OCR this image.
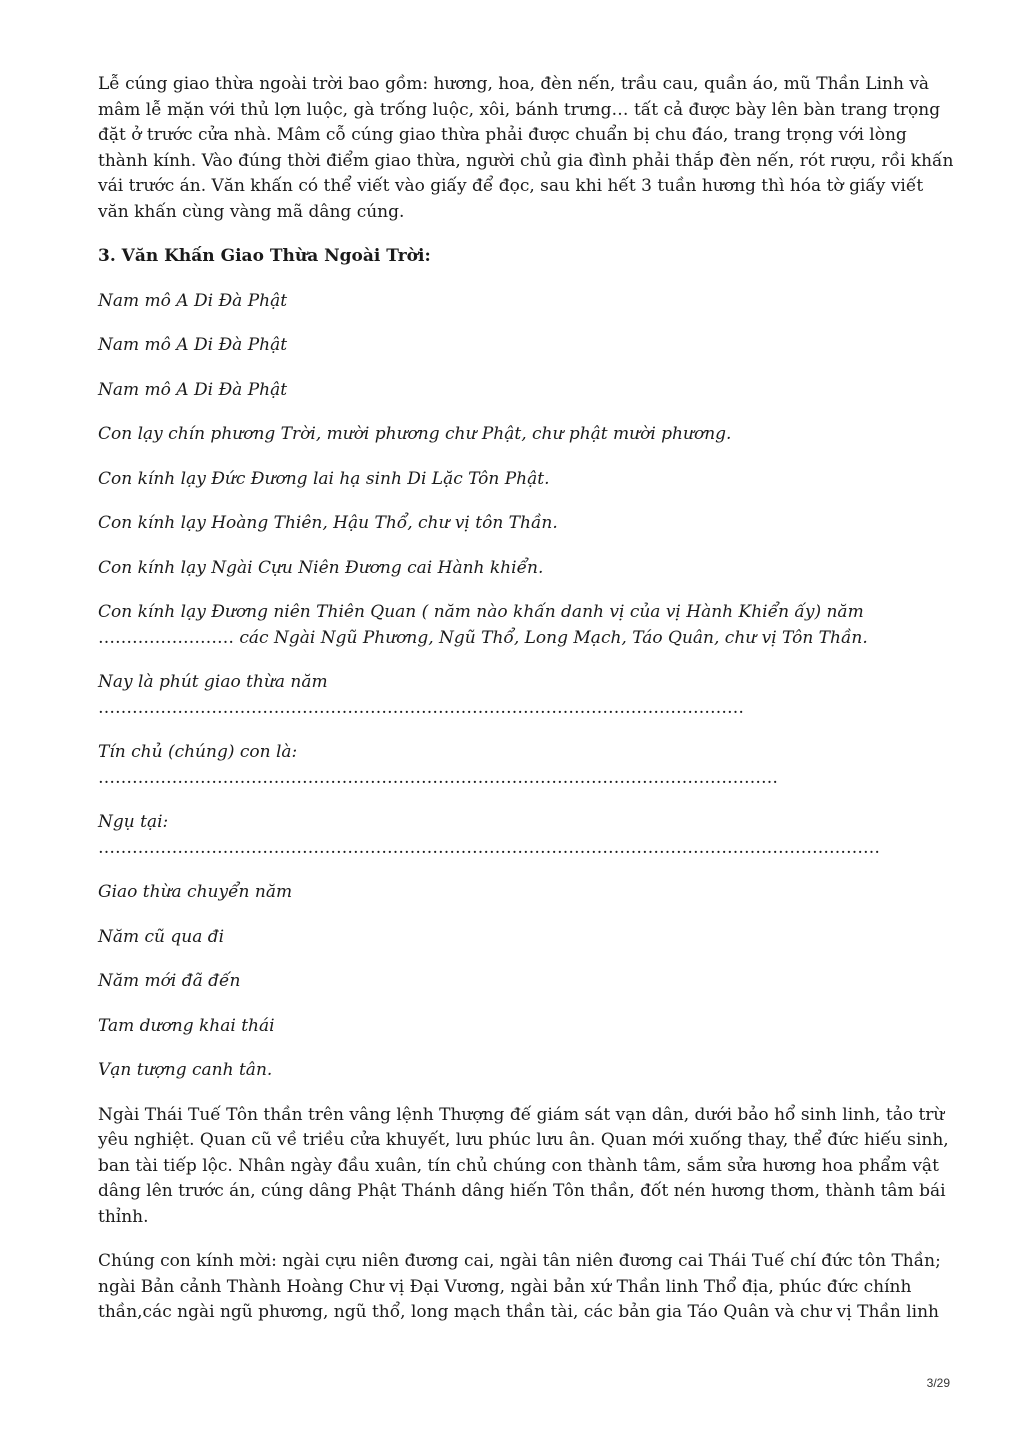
Lễ cúng giao thừa ngoài trời bao gồm: hương, hoa, đèn nến, trầu cau, quần áo, mũ Thần Linh và mâm lễ mặn với thủ lợn luộc, gà trống luộc, xôi, bánh trưng… tất cả được bày lên bàn trang trọng đặt ở trước cửa nhà. Mâm cỗ cúng giao thừa phải được chuẩn bị chu đáo, trang trọng với lòng thành kính. Vào đúng thời điểm giao thừa, người chủ gia đình phải thắp đèn nến, rót rượu, rồi khấn vái trước án. Văn khấn có thể viết vào giấy để đọc, sau khi hết 3 tuần hương thì hóa tờ giấy viết văn khấn cùng vàng mã dâng cúng.

3. Văn Khấn Giao Thừa Ngoài Trời:

Nam mô A Di Đà Phật

Nam mô A Di Đà Phật

Nam mô A Di Đà Phật

Con lạy chín phương Trời, mười phương chư Phật, chư phật mười phương.

Con kính lạy Đức Đương lai hạ sinh Di Lặc Tôn Phật.

Con kính lạy Hoàng Thiên, Hậu Thổ, chư vị tôn Thần.

Con kính lạy Ngài Cựu Niên Đương cai Hành khiển.

Con kính lạy Đương niên Thiên Quan ( năm nào khấn danh vị của vị Hành Khiển ấy) năm
…………………… các Ngài Ngũ Phương, Ngũ Thổ, Long Mạch, Táo Quân, chư vị Tôn Thần.

Nay là phút giao thừa năm
……………………………………………………………………………………………………

Tín chủ (chúng) con là:
…………………………………………………………………………………………………………

Ngụ tại:
…………………………………………………………………………………………………………………………

Giao thừa chuyển năm

Năm cũ qua đi

Năm mới đã đến

Tam dương khai thái

Vạn tượng canh tân.

Ngài Thái Tuế Tôn thần trên vâng lệnh Thượng đế giám sát vạn dân, dưới bảo hổ sinh linh, tảo trừ yêu nghiệt. Quan cũ về triều cửa khuyết, lưu phúc lưu ân. Quan mới xuống thay, thể đức hiếu sinh, ban tài tiếp lộc. Nhân ngày đầu xuân, tín chủ chúng con thành tâm, sắm sửa hương hoa phẩm vật dâng lên trước án, cúng dâng Phật Thánh dâng hiến Tôn thần, đốt nén hương thơm, thành tâm bái thỉnh.

Chúng con kính mời: ngài cựu niên đương cai, ngài tân niên đương cai Thái Tuế chí đức tôn Thần; ngài Bản cảnh Thành Hoàng Chư vị Đại Vương, ngài bản xứ Thần linh Thổ địa, phúc đức chính thần,các ngài ngũ phương, ngũ thổ, long mạch thần tài, các bản gia Táo Quân và chư vị Thần linh

3/29
